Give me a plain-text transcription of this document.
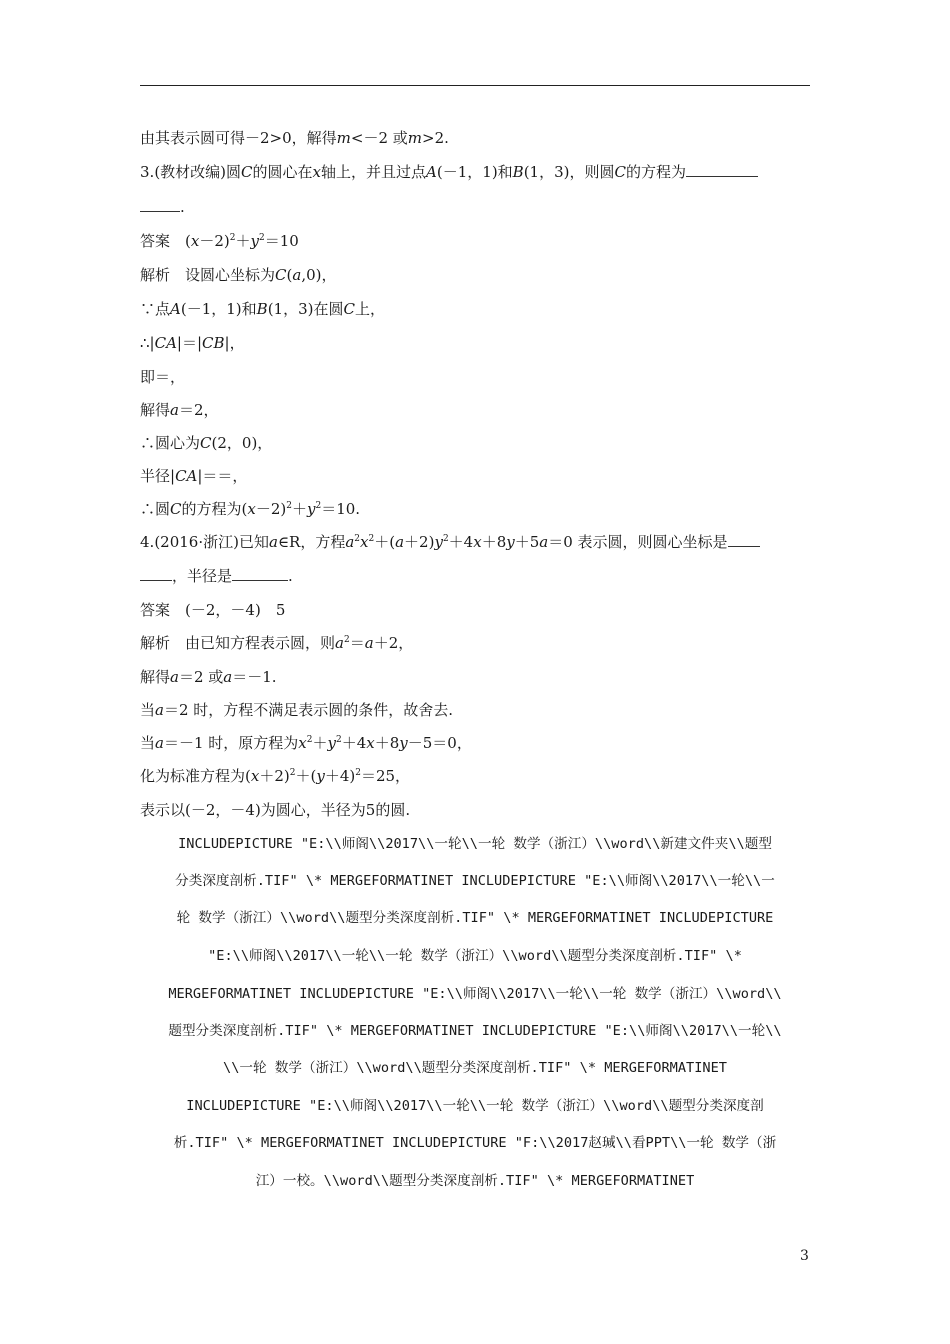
由其表示圆可得－2>0，解得m<－2 或m>2.
3.(教材改编)圆C的圆心在x轴上，并且过点A(－1，1)和B(1，3)，则圆C的方程为
.
答案　 $(x-2)^2+y^2=10$
解析　 设圆心坐标为C(a,0)，
∵点A(－1，1)和B(1，3)在圆C上，
∴|CA|＝|CB|，
即＝，
解得a＝2，
∴圆心为C(2，0)，
半径|CA|＝＝，
∴圆C的方程为$(x-2)^2+y^2=10$.
4.(2016·浙江)已知a∈R，方程$a^2x^2+(a+2)y^2+4x+8y+5a=0$ 表示圆，则圆心坐标是
，半径是	.
答案　 (－2，－4)　5
解析　 由已知方程表示圆，则$a^2=a+2$，
解得a＝2 或a＝－1.
当a＝2 时，方程不满足表示圆的条件，故舍去.
当a＝－1 时，原方程为$x^2+y^2+4x+8y-5=0$，
化为标准方程为$(x+2)^2+(y+4)^2=25$，
表示以(－2，－4)为圆心，半径为5的圆.
INCLUDEPICTURE "E:\\师阁\\2017\\一轮\\一轮 数学（浙江）\\word\\新建文件夹\\题型
分类深度剖析.TIF" \* MERGEFORMATINET INCLUDEPICTURE "E:\\师阁\\2017\\一轮\\一
轮 数学（浙江）\\word\\题型分类深度剖析.TIF" \* MERGEFORMATINET INCLUDEPICTURE
"E:\\师阁\\2017\\一轮\\一轮 数学（浙江）\\word\\题型分类深度剖析.TIF" \*
MERGEFORMATINET INCLUDEPICTURE "E:\\师阁\\2017\\一轮\\一轮 数学（浙江）\\word\\
题型分类深度剖析.TIF" \* MERGEFORMATINET INCLUDEPICTURE "E:\\师阁\\2017\\一轮\\
\\一轮 数学（浙江）\\word\\题型分类深度剖析.TIF" \* MERGEFORMATINET
INCLUDEPICTURE "E:\\师阁\\2017\\一轮\\一轮 数学（浙江）\\word\\题型分类深度剖
析.TIF" \* MERGEFORMATINET INCLUDEPICTURE "F:\\2017赵瑊\\看PPT\\一轮 数学（浙
江）一校。\\word\\题型分类深度剖析.TIF" \* MERGEFORMATINET
3
